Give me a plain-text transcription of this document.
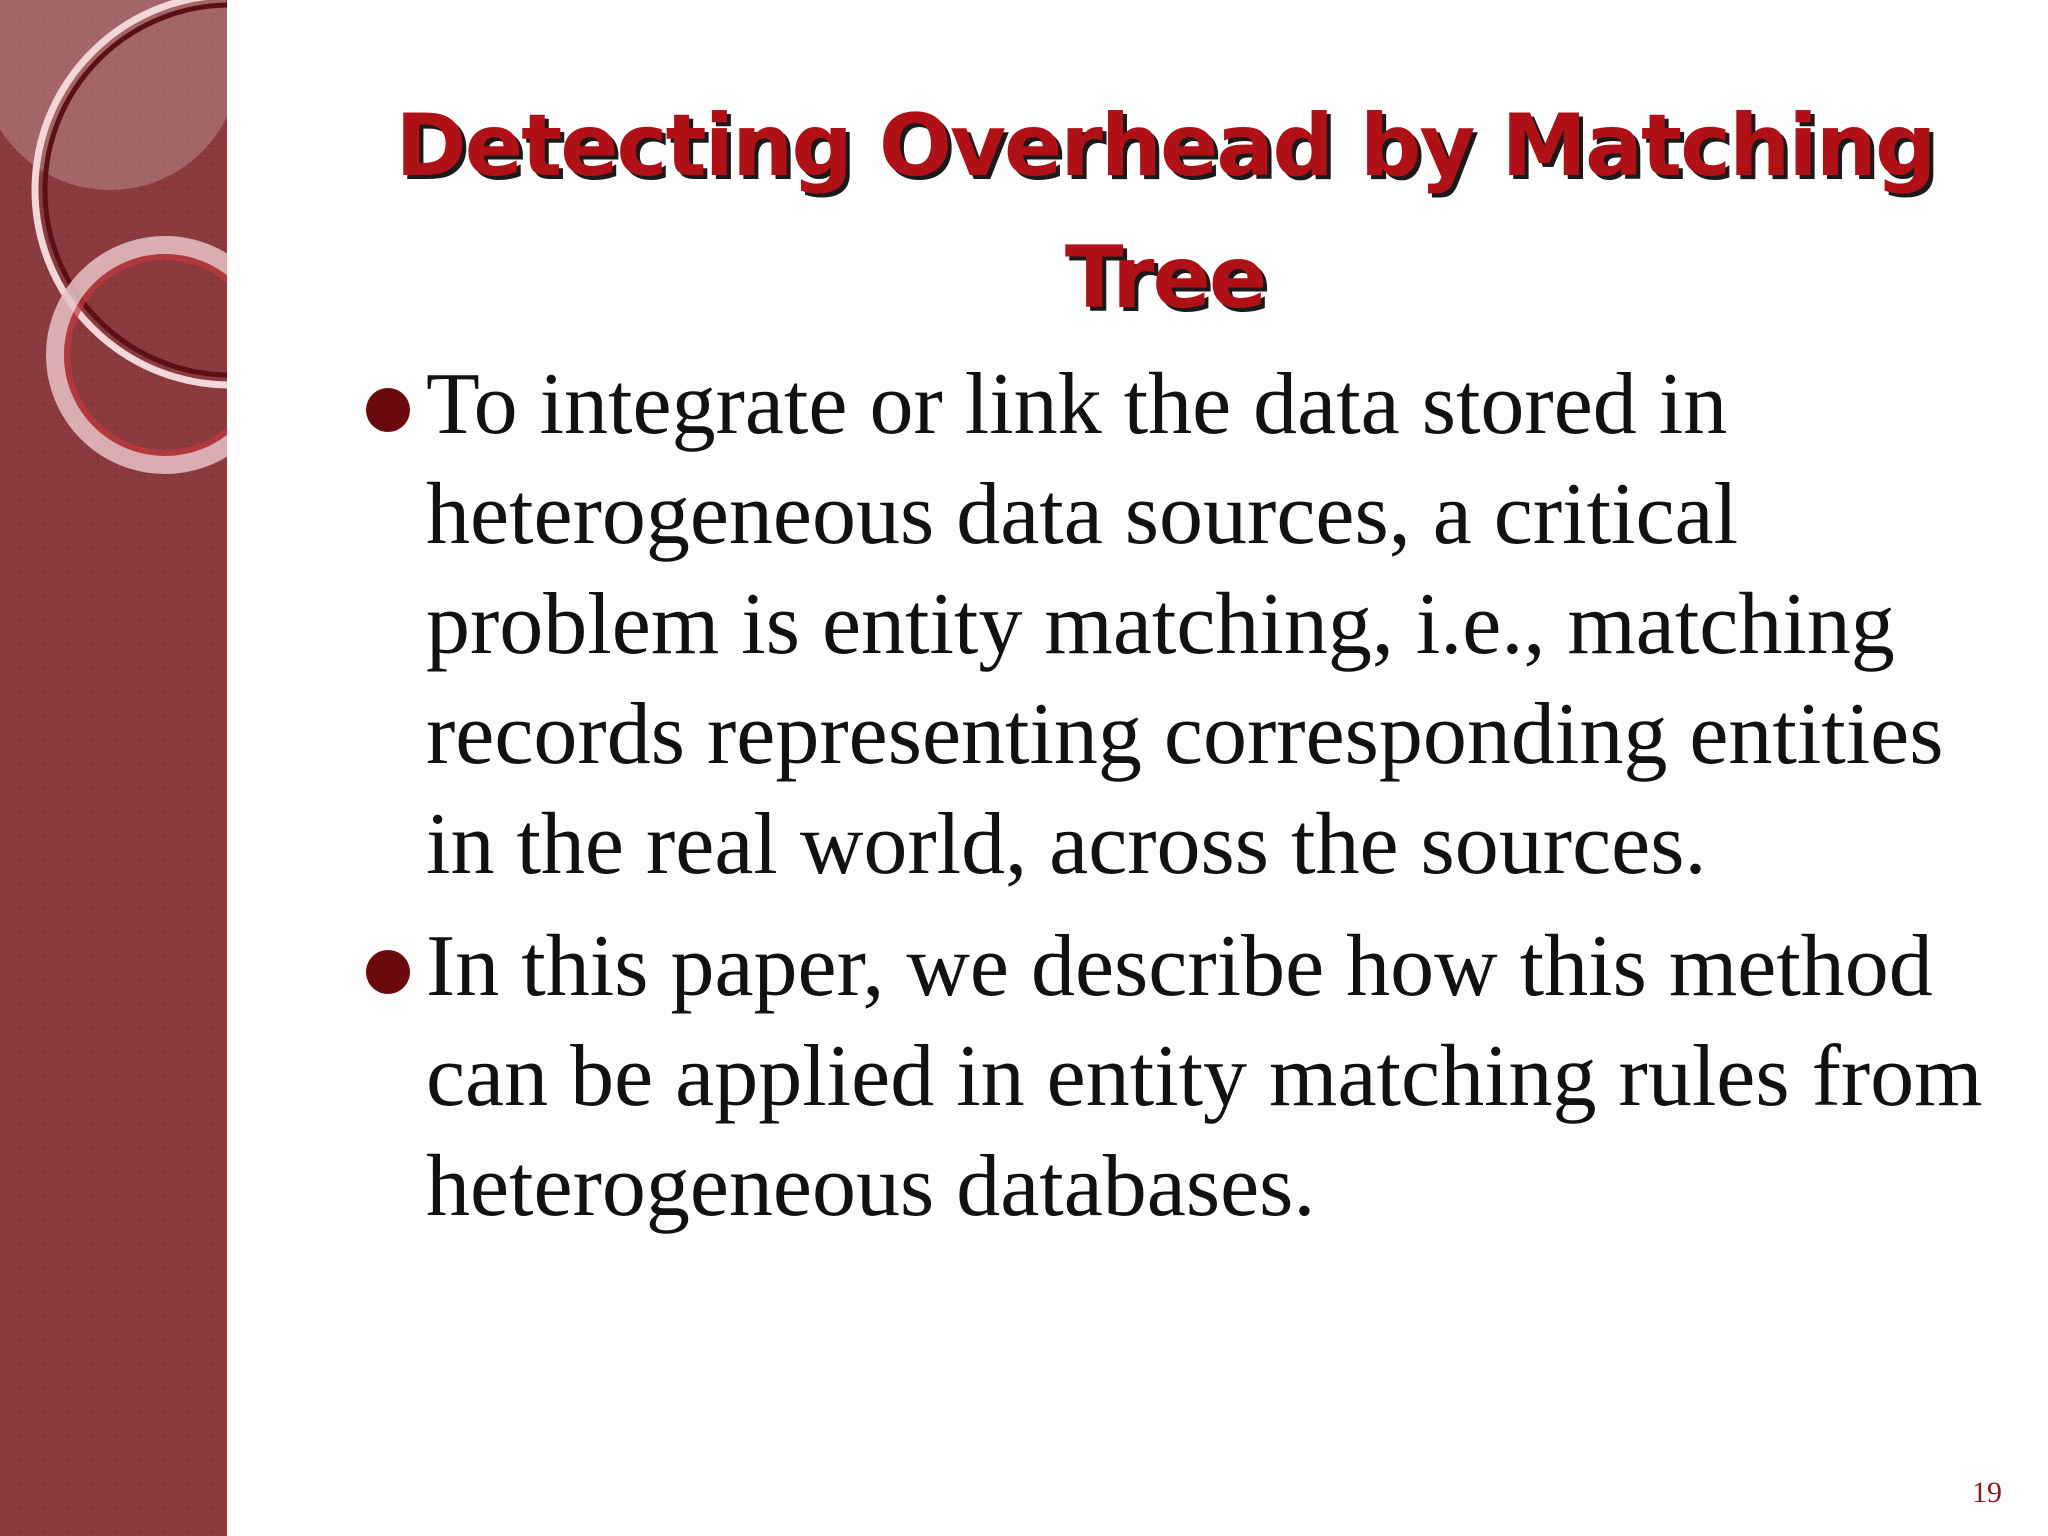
Detecting Overhead by Matching Tree
To integrate or link the data stored in heterogeneous data sources, a critical problem is entity matching, i.e., matching records representing corresponding entities in the real world, across the sources.
In this paper, we describe how this method can be applied in entity matching rules from heterogeneous databases.
19
